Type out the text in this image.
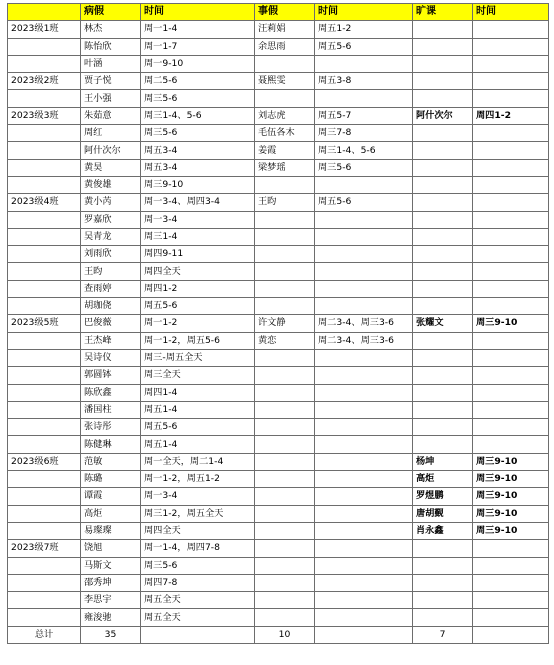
	病假	时间	事假	时间	旷课	时间
2023级1班	林杰	周一1-4	汪莉娟	周五1-2		
	陈怡欣	周一1-7	余思雨	周五5-6		
	叶涵	周一9-10				
2023级2班	贾子悦	周二5-6	聂熙雯	周五3-8		
	王小强	周三5-6				
2023级3班	朱茹意	周三1-4、5-6	刘志虎	周五5-7	阿什次尔	周四1-2
	周红	周三5-6	毛伍各木	周三7-8		
	阿什次尔	周五3-4	姜霞	周三1-4、5-6		
	黄昊	周五3-4	梁梦瑶	周三5-6		
	黄俊雄	周三9-10				
2023级4班	黄小芮	周一3-4、周四3-4	王昀	周五5-6		
	罗嘉欣	周一3-4				
	吴青龙	周三1-4				
	刘雨欣	周四9-11				
	王昀	周四全天				
	查雨婷	周四1-2				
	胡珈侥	周五5-6				
2023级5班	巴俊薇	周一1-2	许文静	周二3-4、周三3-6	张耀文	周三9-10
	王杰峰	周一1-2，周五5-6	黄恋	周二3-4、周三3-6		
	吴诗仪	周三-周五全天				
	郭圆钵	周三全天				
	陈欣鑫	周四1-4				
	潘国柱	周五1-4				
	张诗彤	周五5-6				
	陈健琳	周五1-4				
2023级6班	范敏	周一全天，周二1-4			杨坤	周三9-10
	陈璐	周一1-2，周五1-2			高炬	周三9-10
	谭霞	周一3-4			罗煜鹏	周三9-10
	高炬	周三1-2，周五全天			唐胡觐	周三9-10
	易璨璨	周四全天			肖永鑫	周三9-10
2023级7班	饶旭	周一1-4，周四7-8				
	马斯文	周三5-6				
	邵秀坤	周四7-8				
	李思宇	周五全天				
	雍浚驰	周五全天				
总计	35		10		7	
